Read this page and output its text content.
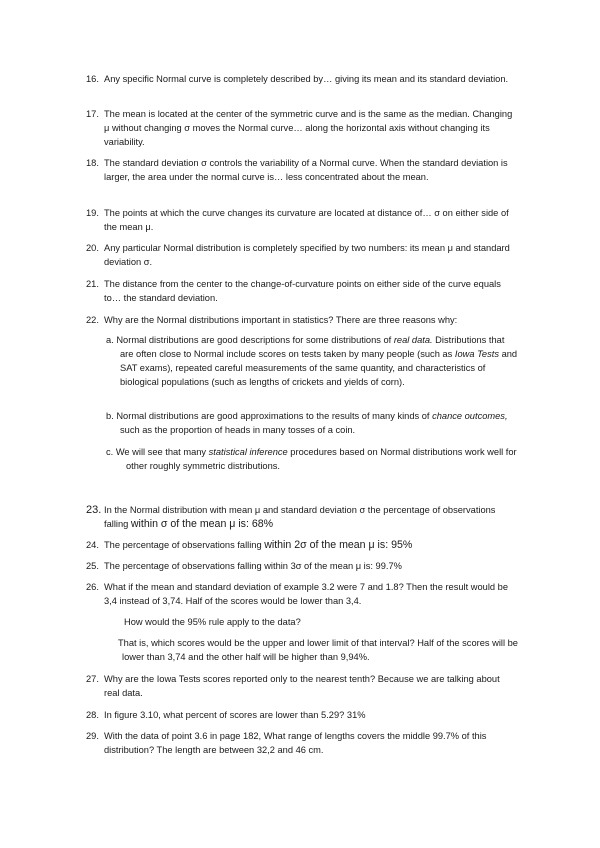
16. Any specific Normal curve is completely described by… giving its mean and its standard deviation.
17. The mean is located at the center of the symmetric curve and is the same as the median. Changing μ without changing σ moves the Normal curve… along the horizontal axis without changing its variability.
18. The standard deviation σ controls the variability of a Normal curve. When the standard deviation is larger, the area under the normal curve is… less concentrated about the mean.
19. The points at which the curve changes its curvature are located at distance of… σ on either side of the mean μ.
20. Any particular Normal distribution is completely specified by two numbers: its mean μ and standard deviation σ.
21. The distance from the center to the change-of-curvature points on either side of the curve equals to… the standard deviation.
22. Why are the Normal distributions important in statistics? There are three reasons why:
a. Normal distributions are good descriptions for some distributions of real data. Distributions that are often close to Normal include scores on tests taken by many people (such as Iowa Tests and SAT exams), repeated careful measurements of the same quantity, and characteristics of biological populations (such as lengths of crickets and yields of corn).
b. Normal distributions are good approximations to the results of many kinds of chance outcomes, such as the proportion of heads in many tosses of a coin.
c. We will see that many statistical inference procedures based on Normal distributions work well for other roughly symmetric distributions.
23. In the Normal distribution with mean μ and standard deviation σ the percentage of observations falling within σ of the mean μ is: 68%
24. The percentage of observations falling within 2σ of the mean μ is: 95%
25. The percentage of observations falling within 3σ of the mean μ is: 99.7%
26. What if the mean and standard deviation of example 3.2 were 7 and 1.8? Then the result would be 3,4 instead of 3,74. Half of the scores would be lower than 3,4.
How would the 95% rule apply to the data?
That is, which scores would be the upper and lower limit of that interval? Half of the scores will be lower than 3,74 and the other half will be higher than 9,94%.
27. Why are the Iowa Tests scores reported only to the nearest tenth? Because we are talking about real data.
28. In figure 3.10, what percent of scores are lower than 5.29? 31%
29. With the data of point 3.6 in page 182, What range of lengths covers the middle 99.7% of this distribution? The length are between 32,2 and 46 cm.
